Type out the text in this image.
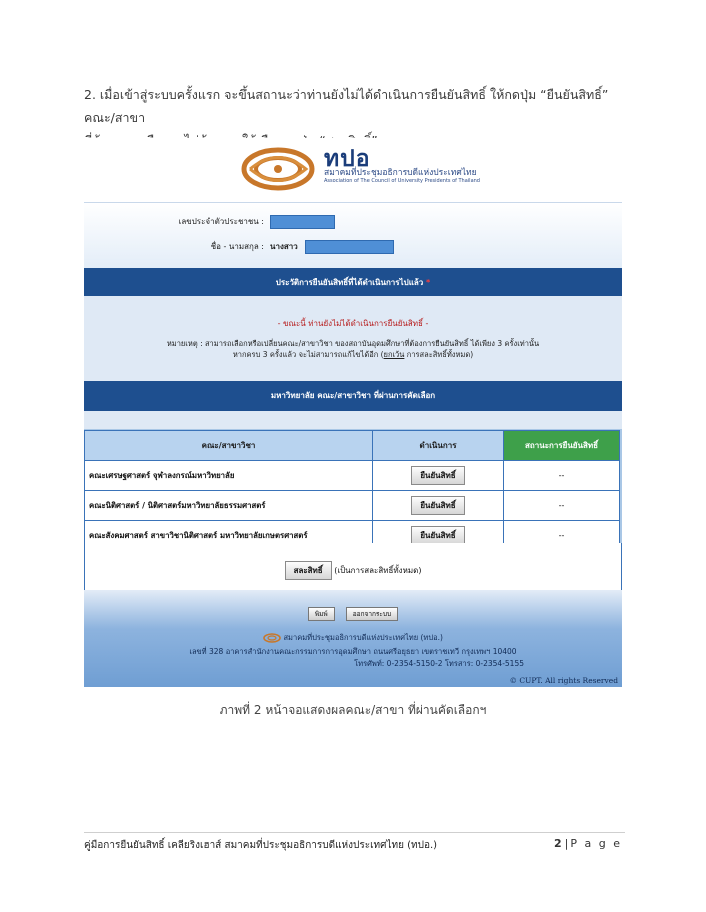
2. เมื่อเข้าสู่ระบบครั้งแรก จะขึ้นสถานะว่าท่านยังไม่ได้ดำเนินการยืนยันสิทธิ์ ให้กดปุ่ม “ยืนยันสิทธิ์” คณะ/สาขา
ทปอ
สมาคมที่ประชุมอธิการบดีแห่งประเทศไทย
Association of The Council of University Presidents of Thailand
เลขประจำตัวประชาชน :
ชื่อ - นามสกุล : นางสาว
ประวัติการยืนยันสิทธิ์ที่ได้ดำเนินการไปแล้ว *
- ขณะนี้ ท่านยังไม่ได้ดำเนินการยืนยันสิทธิ์ -
หมายเหตุ : สามารถเลือกหรือเปลี่ยนคณะ/สาขาวิชา ของสถาบันอุดมศึกษาที่ต้องการยืนยันสิทธิ์ ได้เพียง 3 ครั้งเท่านั้น
หากครบ 3 ครั้งแล้ว จะไม่สามารถแก้ไขได้อีก (ยกเว้น การสละสิทธิ์ทั้งหมด)
มหาวิทยาลัย คณะ/สาขาวิชา ที่ผ่านการคัดเลือก
คณะ/สาขาวิชา	ดำเนินการ	สถานะการยืนยันสิทธิ์
คณะเศรษฐศาสตร์ จุฬาลงกรณ์มหาวิทยาลัย	ยืนยันสิทธิ์	--
คณะนิติศาสตร์ / นิติศาสตร์มหาวิทยาลัยธรรมศาสตร์	ยืนยันสิทธิ์	--
คณะสังคมศาสตร์ สาขาวิชานิติศาสตร์ มหาวิทยาลัยเกษตรศาสตร์	ยืนยันสิทธิ์	--
สละสิทธิ์ (เป็นการสละสิทธิ์ทั้งหมด)
พิมพ์	ออกจากระบบ
สมาคมที่ประชุมอธิการบดีแห่งประเทศไทย (ทปอ.)
เลขที่ 328 อาคารสำนักงานคณะกรรมการการอุดมศึกษา ถนนศรีอยุธยา เขตราชเทวี กรุงเทพฯ 10400
โทรศัพท์: 0-2354-5150-2 โทรสาร: 0-2354-5155
© CUPT. All rights Reserved
ภาพที่ 2 หน้าจอแสดงผลคณะ/สาขา ที่ผ่านคัดเลือกฯ
คู่มือการยืนยันสิทธิ์ เคลียริงเฮาส์ สมาคมที่ประชุมอธิการบดีแห่งประเทศไทย (ทปอ.)	2 |P a g e
